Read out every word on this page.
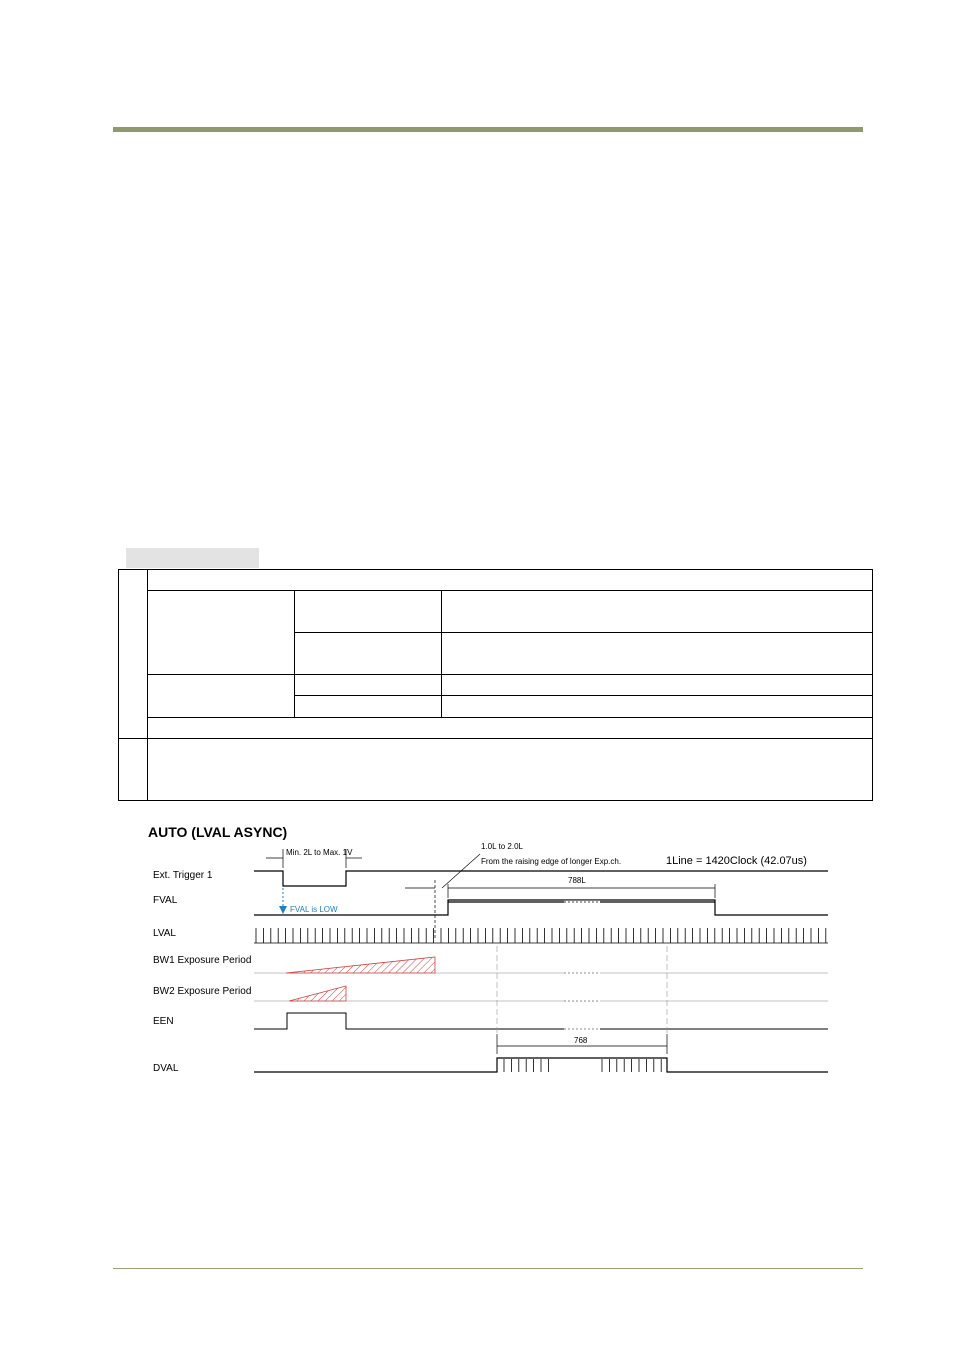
AUTO (LVAL ASYNC)
1Line = 1420Clock (42.07us)
Ext. Trigger 1
FVAL
LVAL
BW1 Exposure Period
BW2 Exposure Period
EEN
DVAL
Min. 2L to Max. 1V
FVAL is LOW
788L
1.0L to 2.0L
From the raising edge of longer Exp.ch.
768
